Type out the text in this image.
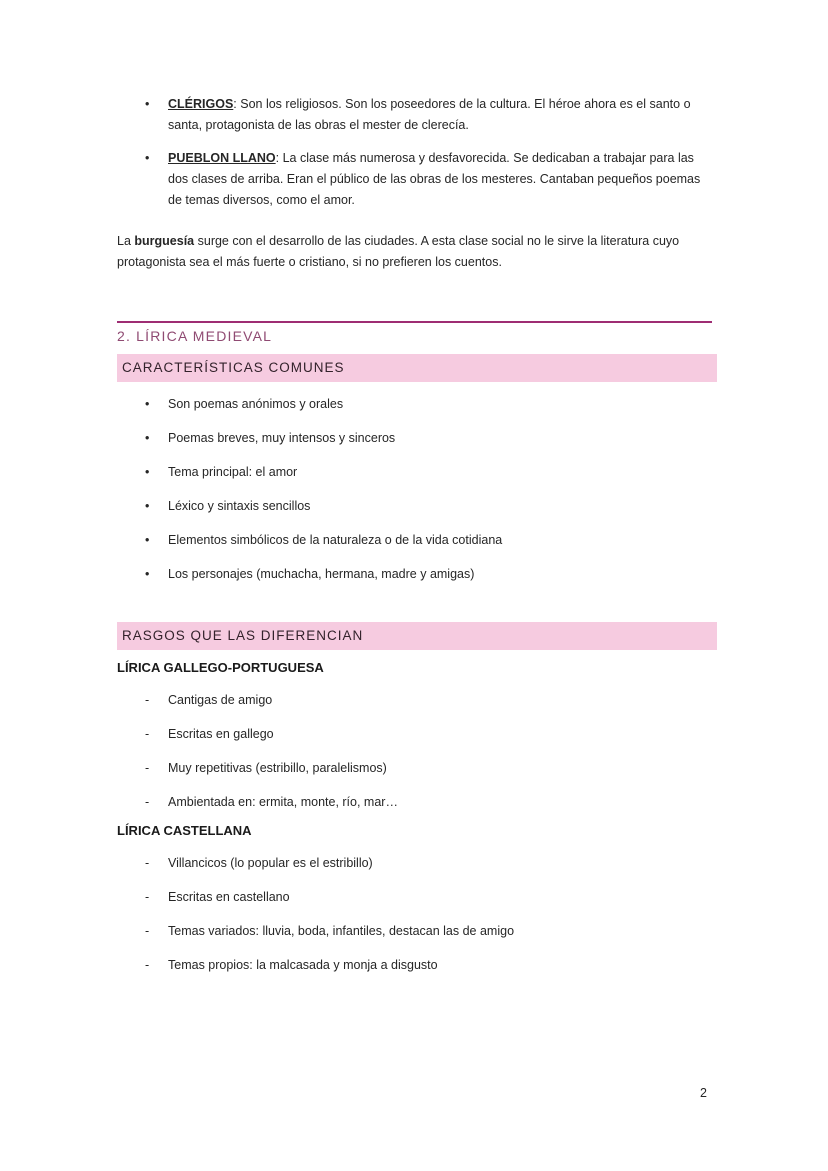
•	CLÉRIGOS: Son los religiosos. Son los poseedores de la cultura. El héroe ahora es el santo o santa, protagonista de las obras el mester de clerecía.
•	PUEBLON LLANO: La clase más numerosa y desfavorecida. Se dedicaban a trabajar para las dos clases de arriba. Eran el público de las obras de los mesteres. Cantaban pequeños poemas de temas diversos, como el amor.

La burguesía surge con el desarrollo de las ciudades. A esta clase social no le sirve la literatura cuyo protagonista sea el más fuerte o cristiano, si no prefieren los cuentos.

2. LÍRICA MEDIEVAL
CARACTERÍSTICAS COMUNES
•	Son poemas anónimos y orales
•	Poemas breves, muy intensos y sinceros
•	Tema principal: el amor
•	Léxico y sintaxis sencillos
•	Elementos simbólicos de la naturaleza o de la vida cotidiana
•	Los personajes (muchacha, hermana, madre y amigas)
RASGOS QUE LAS DIFERENCIAN
LÍRICA GALLEGO-PORTUGUESA
-	Cantigas de amigo
-	Escritas en gallego
-	Muy repetitivas (estribillo, paralelismos)
-	Ambientada en: ermita, monte, río, mar…
LÍRICA CASTELLANA
-	Villancicos (lo popular es el estribillo)
-	Escritas en castellano
-	Temas variados: lluvia, boda, infantiles, destacan las de amigo
-	Temas propios: la malcasada y monja a disgusto
2
